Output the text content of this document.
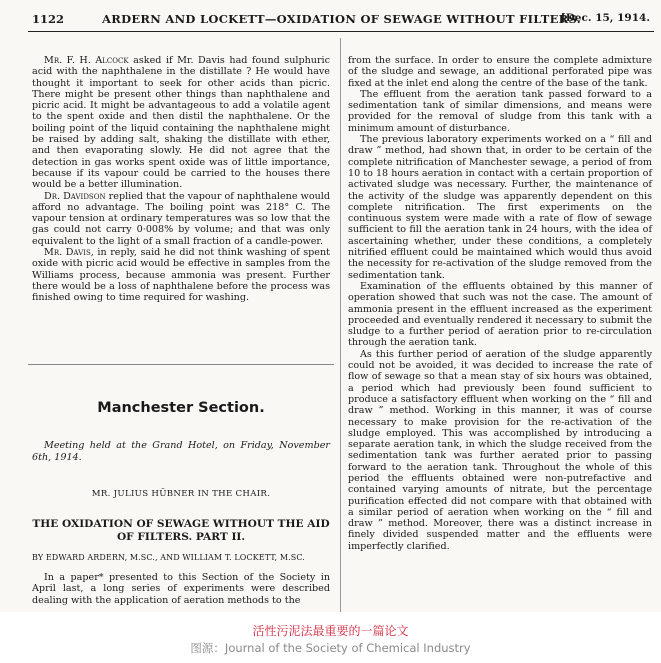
1122	ARDERN AND LOCKETT—OXIDATION OF SEWAGE WITHOUT FILTERS.
[Dec. 15, 1914.

Mr. F. H. Alcock asked if Mr. Davis had found sulphuric acid with the naphthalene in the distillate ? He would have thought it important to seek for other acids than picric. There might be present other things than naphthalene and picric acid. It might be advantageous to add a volatile agent to the spent oxide and then distil the naphthalene. Or the boiling point of the liquid containing the naphthalene might be raised by adding salt, shaking the distillate with ether, and then evaporating slowly. He did not agree that the detection in gas works spent oxide was of little importance, because if its vapour could be carried to the houses there would be a better illumination.

Dr. Davidson replied that the vapour of naphthalene would afford no advantage. The boiling point was 218° C. The vapour tension at ordinary temperatures was so low that the gas could not carry 0·008% by volume; and that was only equivalent to the light of a small fraction of a candle-power.

Mr. Davis, in reply, said he did not think washing of spent oxide with picric acid would be effective in samples from the Williams process, because ammonia was present. Further there would be a loss of naphthalene before the process was finished owing to time required for washing.

Manchester Section.
Meeting held at the Grand Hotel, on Friday, November 6th, 1914.
MR. JULIUS HÜBNER IN THE CHAIR.
THE OXIDATION OF SEWAGE WITHOUT THE AID OF FILTERS. PART II.
BY EDWARD ARDERN, M.SC., AND WILLIAM T. LOCKETT, M.SC.

In a paper* presented to this Section of the Society in April last, a long series of experiments were described dealing with the application of aeration methods to the

from the surface. In order to ensure the complete admixture of the sludge and sewage, an additional perforated pipe was fixed at the inlet end along the centre of the base of the tank.

The effluent from the aeration tank passed forward to a sedimentation tank of similar dimensions, and means were provided for the removal of sludge from this tank with a minimum amount of disturbance.

The previous laboratory experiments worked on a “ fill and draw ” method, had shown that, in order to be certain of the complete nitrification of Manchester sewage, a period of from 10 to 18 hours aeration in contact with a certain proportion of activated sludge was necessary. Further, the maintenance of the activity of the sludge was apparently dependent on this complete nitrification. The first experiments on the continuous system were made with a rate of flow of sewage sufficient to fill the aeration tank in 24 hours, with the idea of ascertaining whether, under these conditions, a completely nitrified effluent could be maintained which would thus avoid the necessity for re-activation of the sludge removed from the sedimentation tank.

Examination of the effluents obtained by this manner of operation showed that such was not the case. The amount of ammonia present in the effluent increased as the experiment proceeded and eventually rendered it necessary to submit the sludge to a further period of aeration prior to re-circulation through the aeration tank.

As this further period of aeration of the sludge apparently could not be avoided, it was decided to increase the rate of flow of sewage so that a mean stay of six hours was obtained, a period which had previously been found sufficient to produce a satisfactory effluent when working on the “ fill and draw ” method. Working in this manner, it was of course necessary to make provision for the re-activation of the sludge employed. This was accomplished by introducing a separate aeration tank, in which the sludge received from the sedimentation tank was further aerated prior to passing forward to the aeration tank. Throughout the whole of this period the effluents obtained were non-putrefactive and contained varying amounts of nitrate, but the percentage purification effected did not compare with that obtained with a similar period of aeration when working on the “ fill and draw ” method. Moreover, there was a distinct increase in finely divided suspended matter and the effluents were imperfectly clarified.

活性污泥法最重要的一篇论文
图源：Journal of the Society of Chemical Industry
